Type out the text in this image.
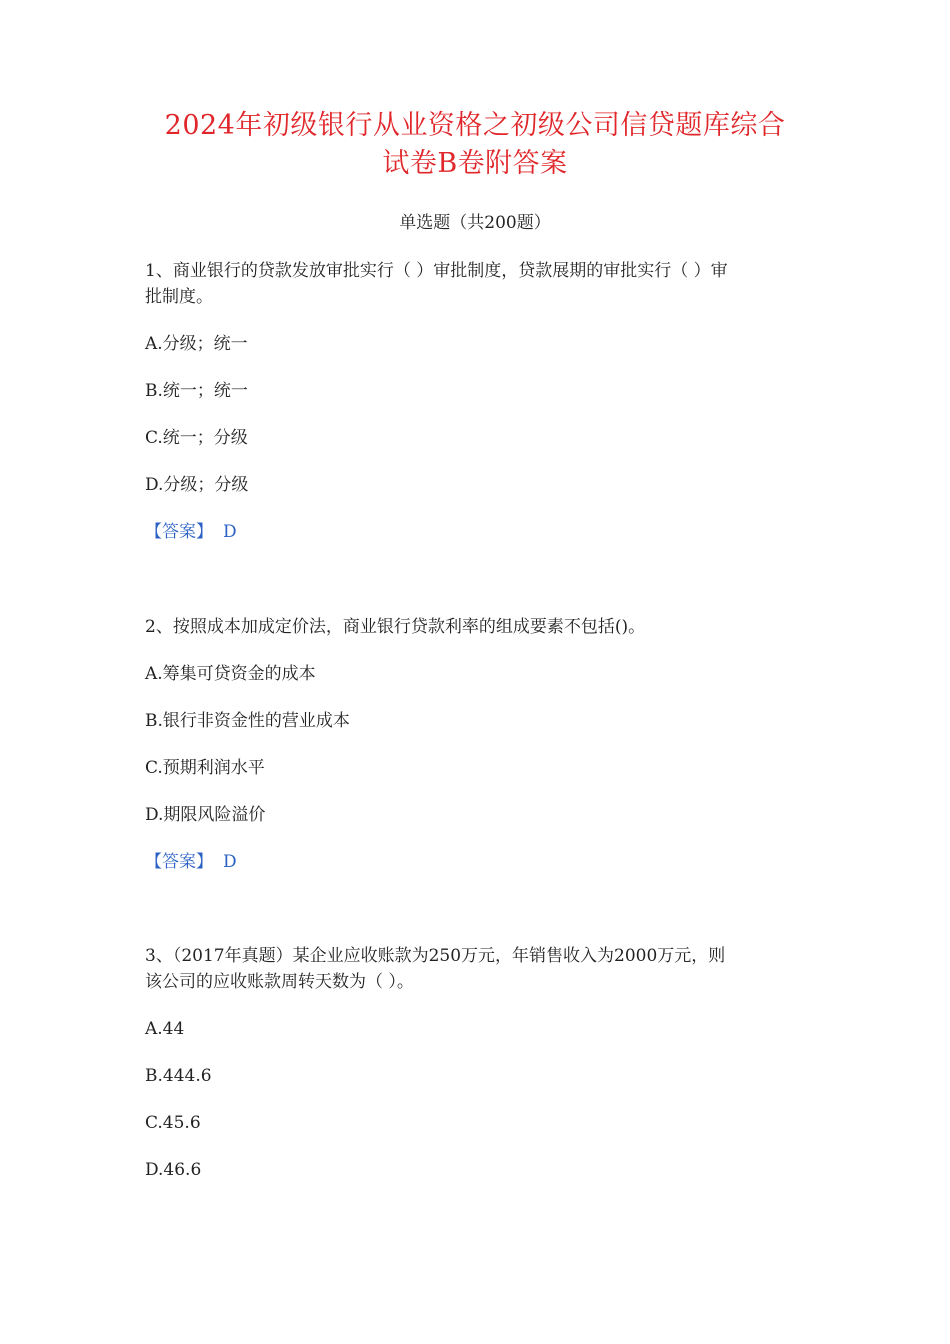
2024年初级银行从业资格之初级公司信贷题库综合
试卷B卷附答案
单选题（共200题）
1、商业银行的贷款发放审批实行（ ）审批制度，贷款展期的审批实行（ ）审
批制度。
A.分级；统一
B.统一；统一
C.统一；分级
D.分级；分级
【答案】 D
2、按照成本加成定价法，商业银行贷款利率的组成要素不包括()。
A.筹集可贷资金的成本
B.银行非资金性的营业成本
C.预期利润水平
D.期限风险溢价
【答案】 D
3、（2017年真题）某企业应收账款为250万元，年销售收入为2000万元，则
该公司的应收账款周转天数为（ ）。
A.44
B.444.6
C.45.6
D.46.6
